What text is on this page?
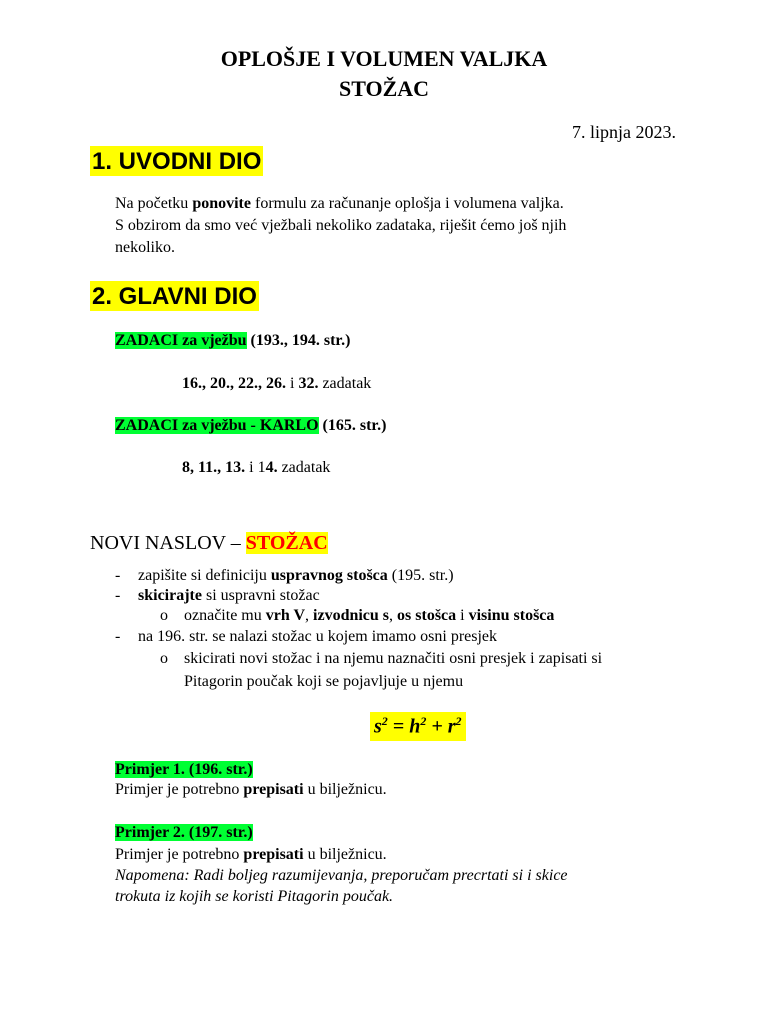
OPLOŠJE I VOLUMEN VALJKA
STOŽAC
7. lipnja 2023.
1. UVODNI DIO
Na početku ponovite formulu za računanje oplošja i volumena valjka.
S obzirom da smo već vježbali nekoliko zadataka, riješit ćemo još njih
nekoliko.
2. GLAVNI DIO
ZADACI za vježbu (193., 194. str.)
16., 20., 22., 26. i 32. zadatak
ZADACI za vježbu - KARLO (165. str.)
8, 11., 13. i 14. zadatak
NOVI NASLOV – STOŽAC
- zapišite si definiciju uspravnog stošca (195. str.)
- skicirajte si uspravni stožac
o označite mu vrh V, izvodnicu s, os stošca i visinu stošca
- na 196. str. se nalazi stožac u kojem imamo osni presjek
o skicirati novi stožac i na njemu naznačiti osni presjek i zapisati si
Pitagorin poučak koji se pojavljuje u njemu
$s^2 = h^2 + r^2$
Primjer 1. (196. str.)
Primjer je potrebno prepisati u bilježnicu.
Primjer 2. (197. str.)
Primjer je potrebno prepisati u bilježnicu.
Napomena: Radi boljeg razumijevanja, preporučam precrtati si i skice
trokuta iz kojih se koristi Pitagorin poučak.
